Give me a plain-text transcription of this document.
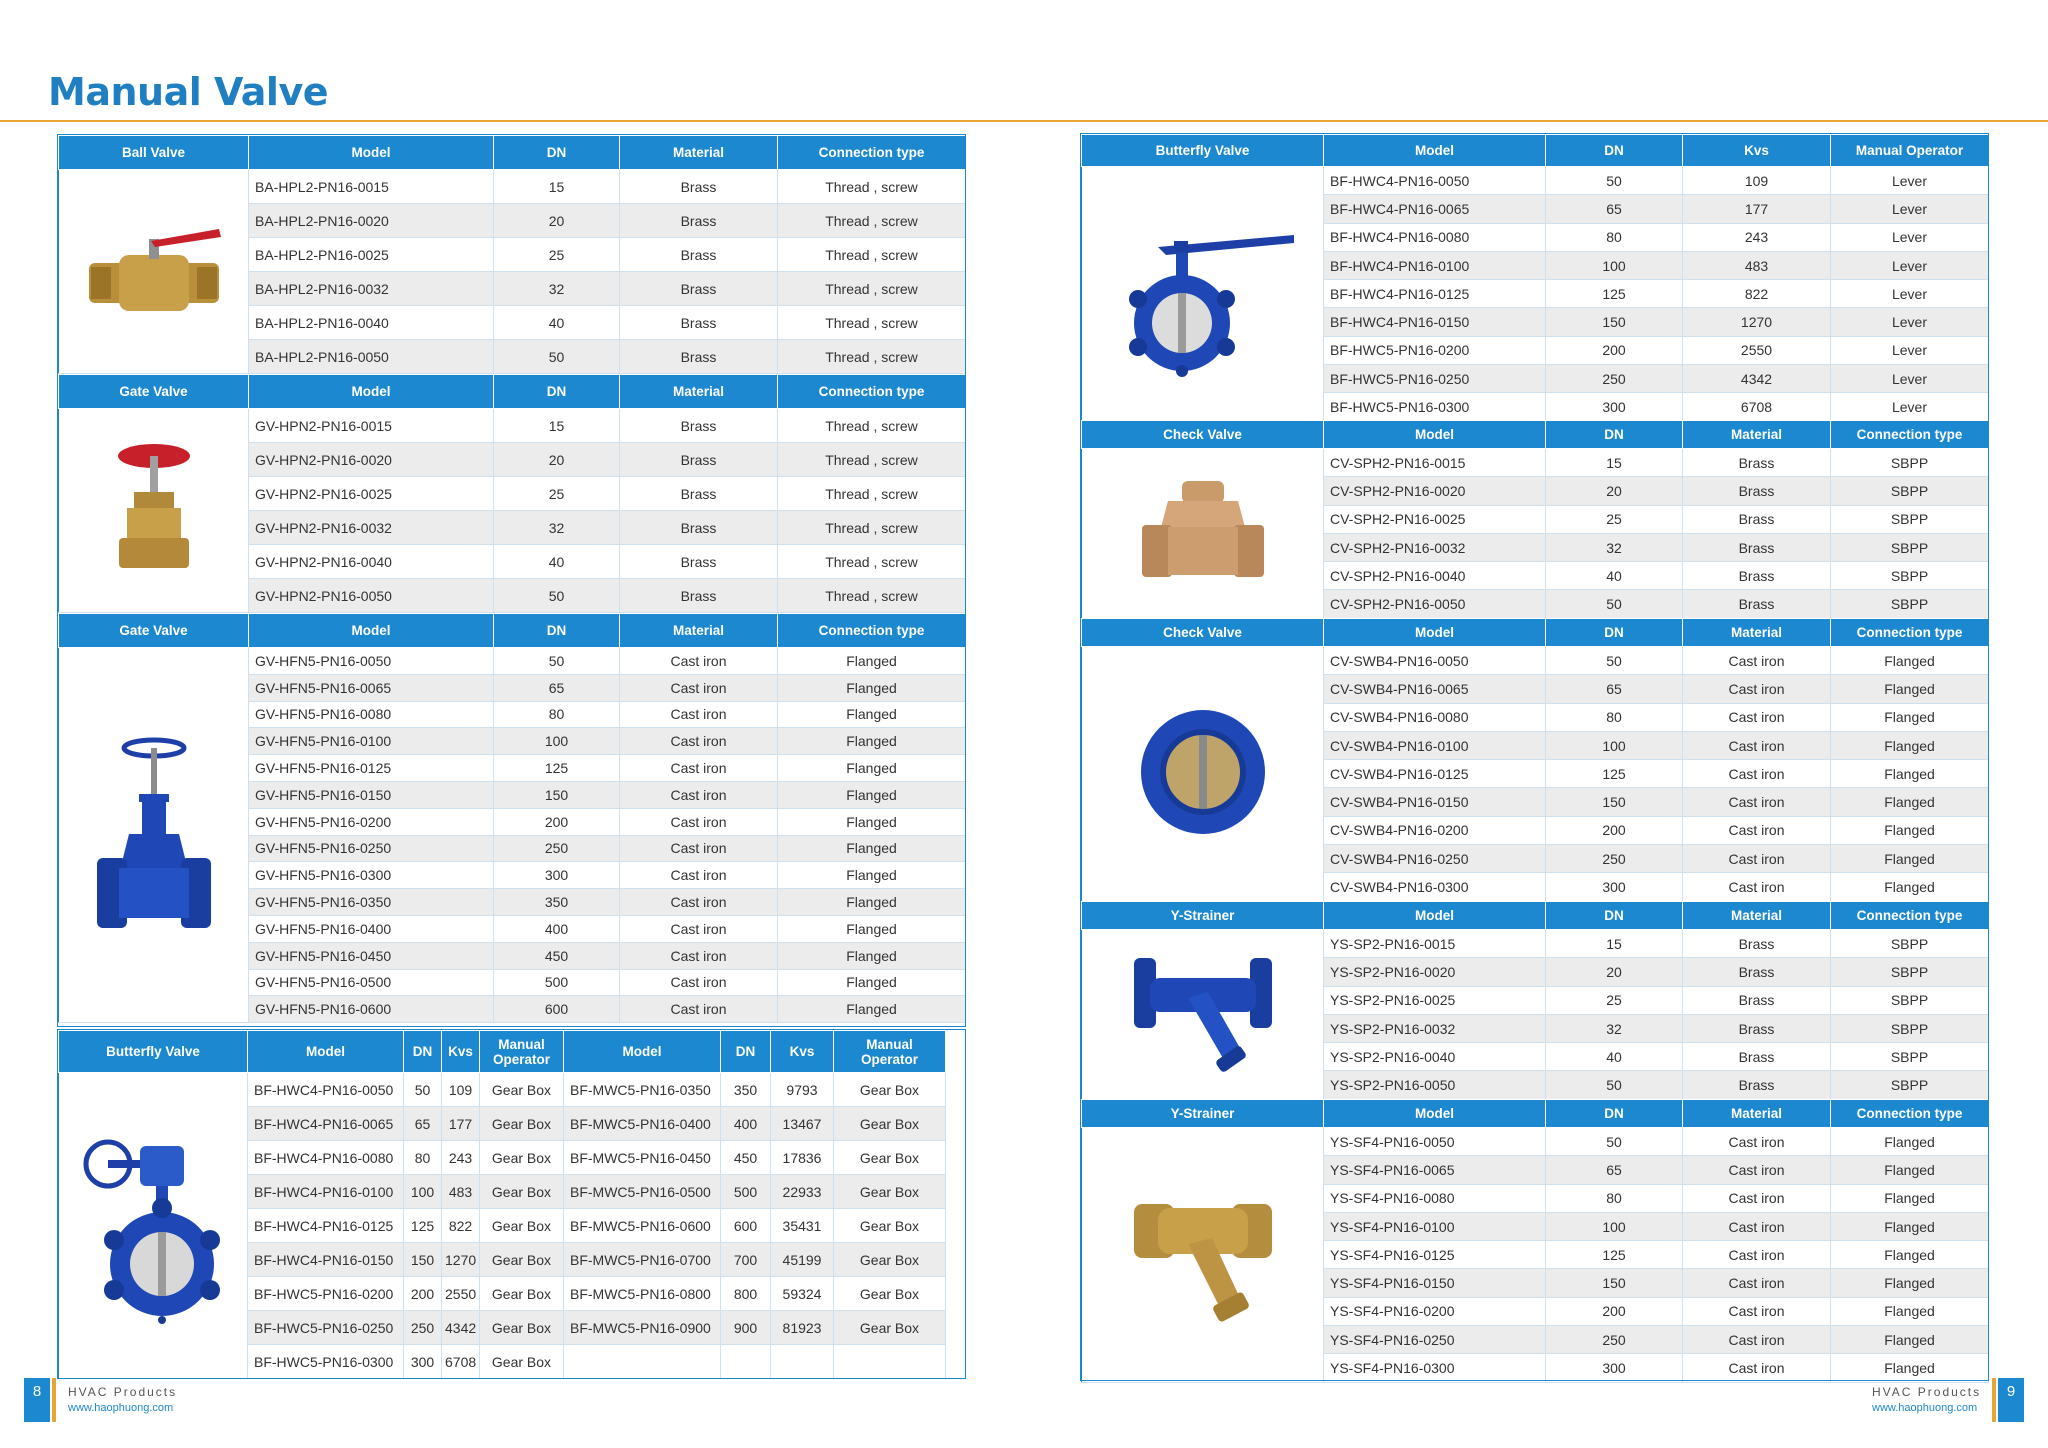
Manual Valve
Ball Valve	Model	DN	Material	Connection type
	BA-HPL2-PN16-0015	15	Brass	Thread , screw
	BA-HPL2-PN16-0020	20	Brass	Thread , screw
	BA-HPL2-PN16-0025	25	Brass	Thread , screw
	BA-HPL2-PN16-0032	32	Brass	Thread , screw
	BA-HPL2-PN16-0040	40	Brass	Thread , screw
	BA-HPL2-PN16-0050	50	Brass	Thread , screw
Gate Valve	Model	DN	Material	Connection type
	GV-HPN2-PN16-0015	15	Brass	Thread , screw
	GV-HPN2-PN16-0020	20	Brass	Thread , screw
	GV-HPN2-PN16-0025	25	Brass	Thread , screw
	GV-HPN2-PN16-0032	32	Brass	Thread , screw
	GV-HPN2-PN16-0040	40	Brass	Thread , screw
	GV-HPN2-PN16-0050	50	Brass	Thread , screw
Gate Valve	Model	DN	Material	Connection type
	GV-HFN5-PN16-0050	50	Cast iron	Flanged
	GV-HFN5-PN16-0065	65	Cast iron	Flanged
	GV-HFN5-PN16-0080	80	Cast iron	Flanged
	GV-HFN5-PN16-0100	100	Cast iron	Flanged
	GV-HFN5-PN16-0125	125	Cast iron	Flanged
	GV-HFN5-PN16-0150	150	Cast iron	Flanged
	GV-HFN5-PN16-0200	200	Cast iron	Flanged
	GV-HFN5-PN16-0250	250	Cast iron	Flanged
	GV-HFN5-PN16-0300	300	Cast iron	Flanged
	GV-HFN5-PN16-0350	350	Cast iron	Flanged
	GV-HFN5-PN16-0400	400	Cast iron	Flanged
	GV-HFN5-PN16-0450	450	Cast iron	Flanged
	GV-HFN5-PN16-0500	500	Cast iron	Flanged
	GV-HFN5-PN16-0600	600	Cast iron	Flanged
Butterfly Valve	Model	DN	Kvs	Manual Operator	Model	DN	Kvs	Manual Operator
	BF-HWC4-PN16-0050	50	109	Gear Box	BF-MWC5-PN16-0350	350	9793	Gear Box
	BF-HWC4-PN16-0065	65	177	Gear Box	BF-MWC5-PN16-0400	400	13467	Gear Box
	BF-HWC4-PN16-0080	80	243	Gear Box	BF-MWC5-PN16-0450	450	17836	Gear Box
	BF-HWC4-PN16-0100	100	483	Gear Box	BF-MWC5-PN16-0500	500	22933	Gear Box
	BF-HWC4-PN16-0125	125	822	Gear Box	BF-MWC5-PN16-0600	600	35431	Gear Box
	BF-HWC4-PN16-0150	150	1270	Gear Box	BF-MWC5-PN16-0700	700	45199	Gear Box
	BF-HWC5-PN16-0200	200	2550	Gear Box	BF-MWC5-PN16-0800	800	59324	Gear Box
	BF-HWC5-PN16-0250	250	4342	Gear Box	BF-MWC5-PN16-0900	900	81923	Gear Box
	BF-HWC5-PN16-0300	300	6708	Gear Box				
Butterfly Valve	Model	DN	Kvs	Manual Operator
	BF-HWC4-PN16-0050	50	109	Lever
	BF-HWC4-PN16-0065	65	177	Lever
	BF-HWC4-PN16-0080	80	243	Lever
	BF-HWC4-PN16-0100	100	483	Lever
	BF-HWC4-PN16-0125	125	822	Lever
	BF-HWC4-PN16-0150	150	1270	Lever
	BF-HWC5-PN16-0200	200	2550	Lever
	BF-HWC5-PN16-0250	250	4342	Lever
	BF-HWC5-PN16-0300	300	6708	Lever
Check Valve	Model	DN	Material	Connection type
	CV-SPH2-PN16-0015	15	Brass	SBPP
	CV-SPH2-PN16-0020	20	Brass	SBPP
	CV-SPH2-PN16-0025	25	Brass	SBPP
	CV-SPH2-PN16-0032	32	Brass	SBPP
	CV-SPH2-PN16-0040	40	Brass	SBPP
	CV-SPH2-PN16-0050	50	Brass	SBPP
Check Valve	Model	DN	Material	Connection type
	CV-SWB4-PN16-0050	50	Cast iron	Flanged
	CV-SWB4-PN16-0065	65	Cast iron	Flanged
	CV-SWB4-PN16-0080	80	Cast iron	Flanged
	CV-SWB4-PN16-0100	100	Cast iron	Flanged
	CV-SWB4-PN16-0125	125	Cast iron	Flanged
	CV-SWB4-PN16-0150	150	Cast iron	Flanged
	CV-SWB4-PN16-0200	200	Cast iron	Flanged
	CV-SWB4-PN16-0250	250	Cast iron	Flanged
	CV-SWB4-PN16-0300	300	Cast iron	Flanged
Y-Strainer	Model	DN	Material	Connection type
	YS-SP2-PN16-0015	15	Brass	SBPP
	YS-SP2-PN16-0020	20	Brass	SBPP
	YS-SP2-PN16-0025	25	Brass	SBPP
	YS-SP2-PN16-0032	32	Brass	SBPP
	YS-SP2-PN16-0040	40	Brass	SBPP
	YS-SP2-PN16-0050	50	Brass	SBPP
Y-Strainer	Model	DN	Material	Connection type
	YS-SF4-PN16-0050	50	Cast iron	Flanged
	YS-SF4-PN16-0065	65	Cast iron	Flanged
	YS-SF4-PN16-0080	80	Cast iron	Flanged
	YS-SF4-PN16-0100	100	Cast iron	Flanged
	YS-SF4-PN16-0125	125	Cast iron	Flanged
	YS-SF4-PN16-0150	150	Cast iron	Flanged
	YS-SF4-PN16-0200	200	Cast iron	Flanged
	YS-SF4-PN16-0250	250	Cast iron	Flanged
	YS-SF4-PN16-0300	300	Cast iron	Flanged
8	HVAC Products
www.haophuong.com
HVAC Products
www.haophuong.com
9
